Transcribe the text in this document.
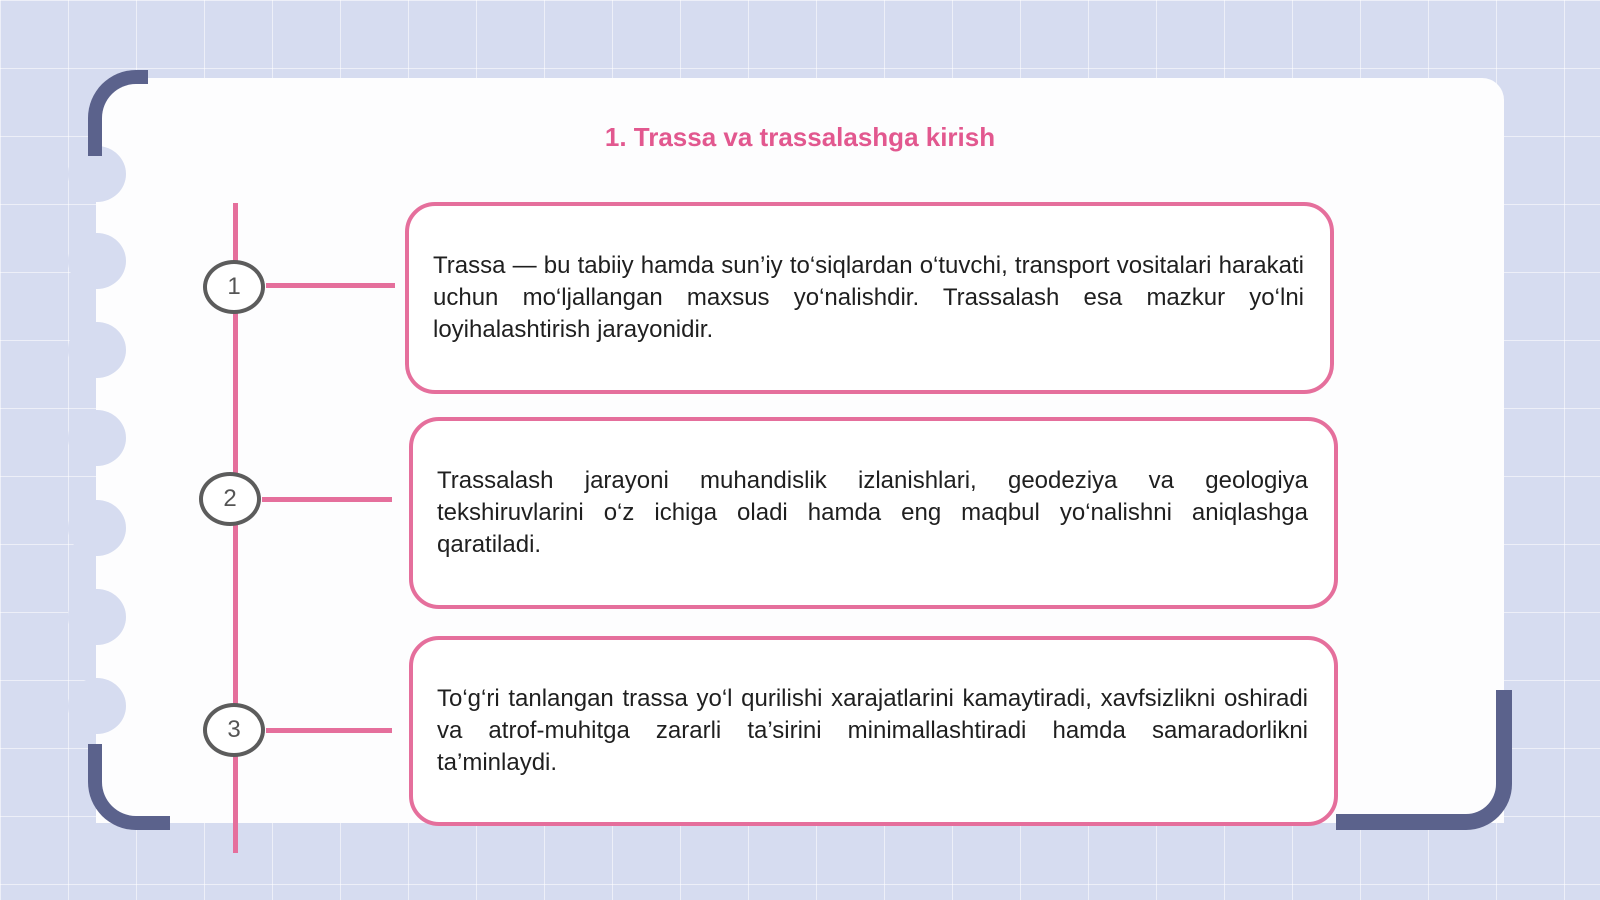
1. Trassa va trassalashga kirish
1
2
3

Trassa — bu tabiiy hamda sun’iy to‘siqlardan o‘tuvchi, transport vositalari harakati uchun mo‘ljallangan maxsus yo‘nalishdir. Trassalash esa mazkur yo‘lni loyihalashtirish jarayonidir.

Trassalash jarayoni muhandislik izlanishlari, geodeziya va geologiya tekshiruvlarini o‘z ichiga oladi hamda eng maqbul yo‘nalishni aniqlashga qaratiladi.

To‘g‘ri tanlangan trassa yo‘l qurilishi xarajatlarini kamaytiradi, xavfsizlikni oshiradi va atrof-muhitga zararli ta’sirini minimallashtiradi hamda samaradorlikni ta’minlaydi.
